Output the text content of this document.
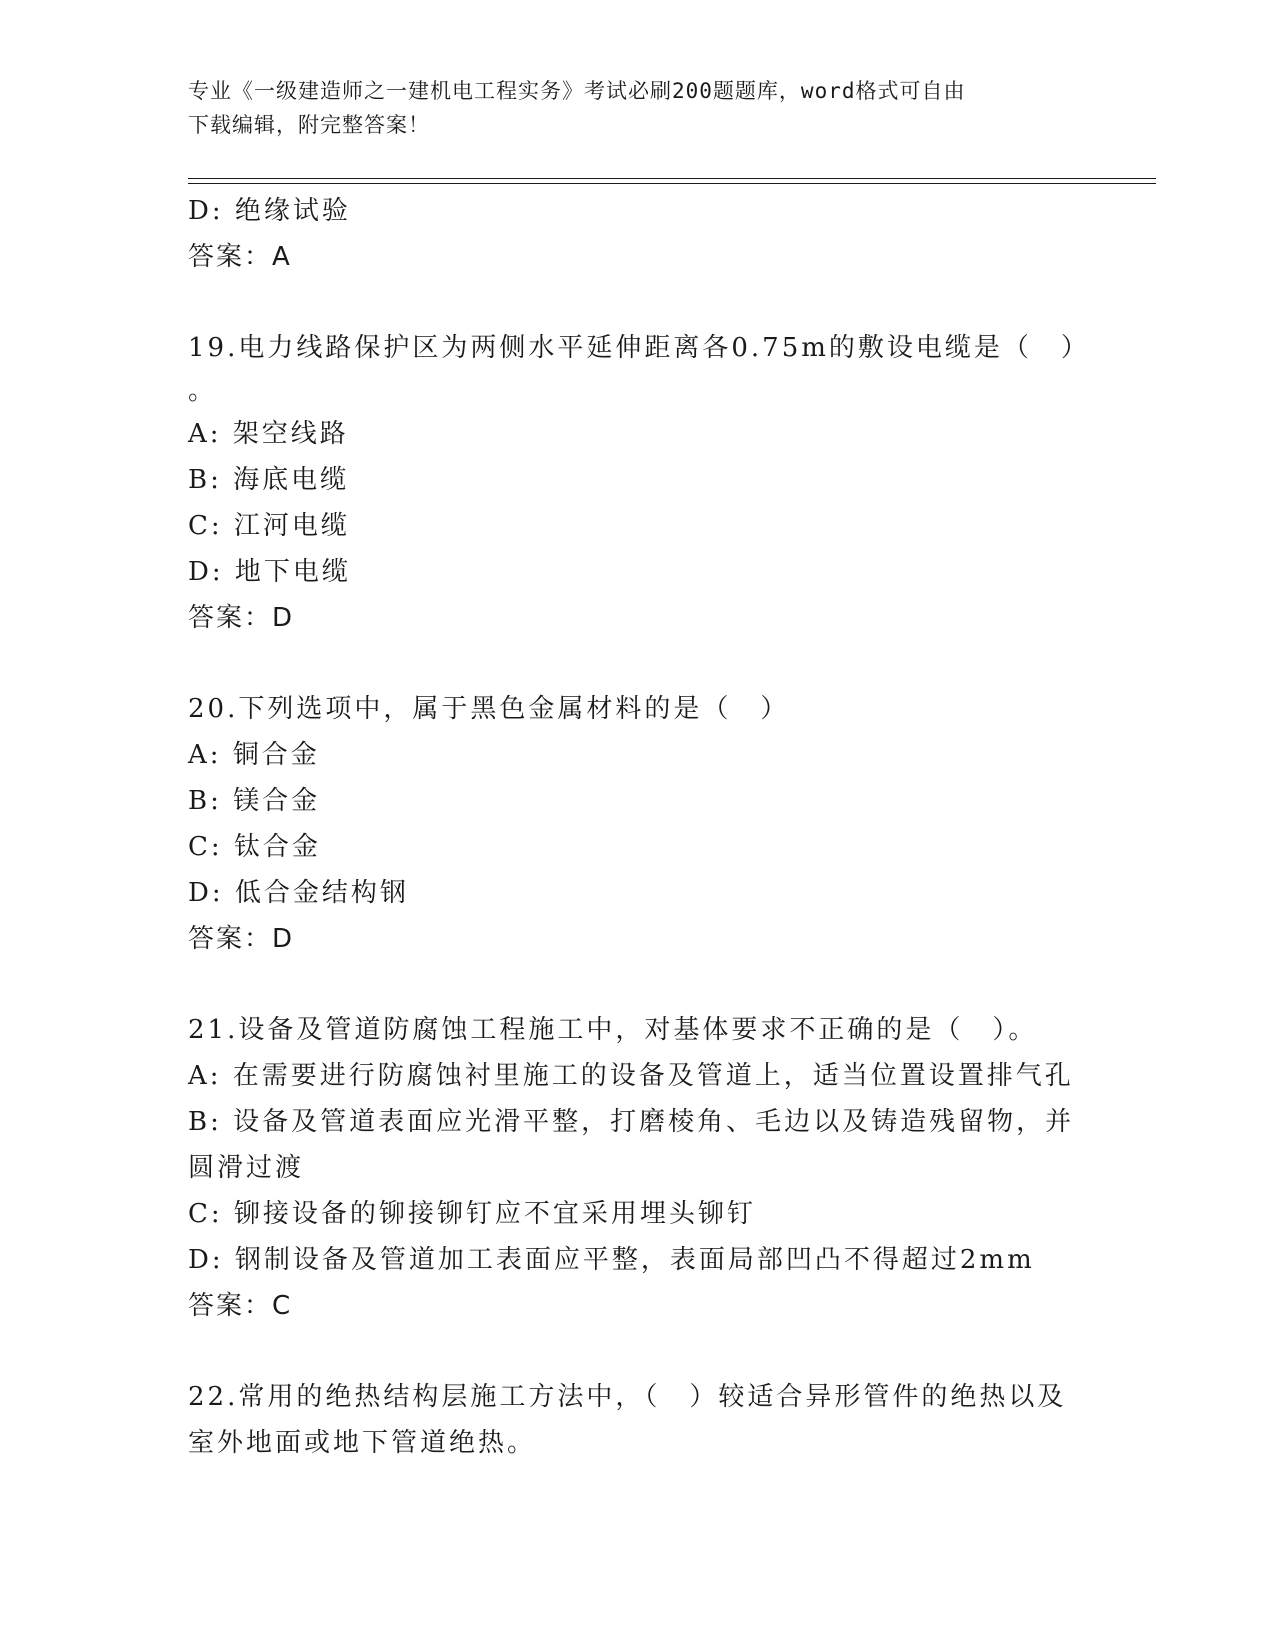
专业《一级建造师之一建机电工程实务》考试必刷200题题库，word格式可自由
下载编辑，附完整答案！
D: 绝缘试验
答案：A
19.电力线路保护区为两侧水平延伸距离各0.75m的敷设电缆是（　）
。
A: 架空线路
B: 海底电缆
C: 江河电缆
D: 地下电缆
答案：D
20.下列选项中，属于黑色金属材料的是（　）
A: 铜合金
B: 镁合金
C: 钛合金
D: 低合金结构钢
答案：D
21.设备及管道防腐蚀工程施工中，对基体要求不正确的是（　）。
A: 在需要进行防腐蚀衬里施工的设备及管道上，适当位置设置排气孔
B: 设备及管道表面应光滑平整，打磨棱角、毛边以及铸造残留物，并
圆滑过渡
C: 铆接设备的铆接铆钉应不宜采用埋头铆钉
D: 钢制设备及管道加工表面应平整，表面局部凹凸不得超过2mm
答案：C
22.常用的绝热结构层施工方法中，（　）较适合异形管件的绝热以及
室外地面或地下管道绝热。
